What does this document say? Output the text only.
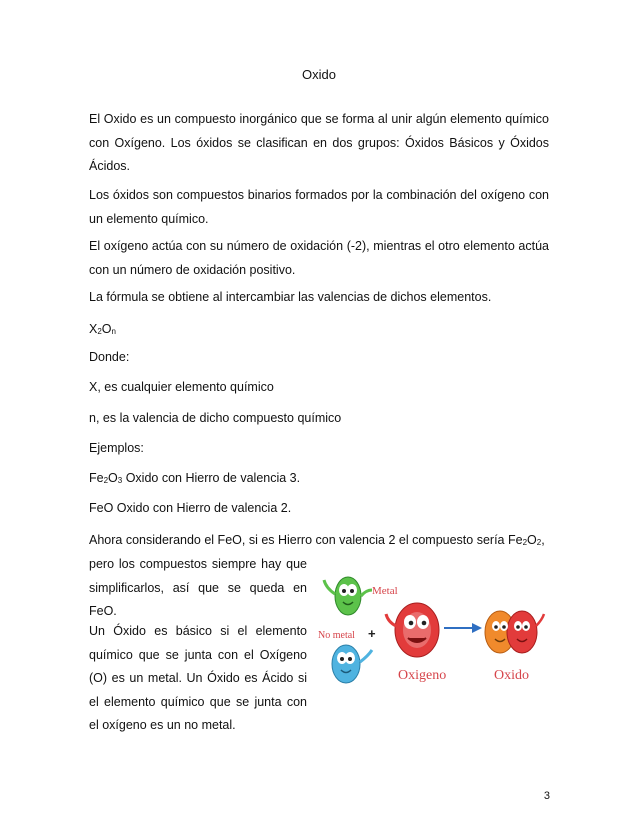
Oxido

El Oxido es un compuesto inorgánico que se forma al unir algún elemento químico con Oxígeno. Los óxidos se clasifican en dos grupos: Óxidos Básicos y Óxidos Ácidos.

Los óxidos son compuestos binarios formados por la combinación del oxígeno con un elemento químico.

El oxígeno actúa con su número de oxidación (-2), mientras el otro elemento actúa con un número de oxidación positivo.

La fórmula se obtiene al intercambiar las valencias de dichos elementos.

$X_2O_n$

Donde:

X, es cualquier elemento químico

n, es la valencia de dicho compuesto químico

Ejemplos:

$Fe_2O_3$ Oxido con Hierro de valencia 3.

FeO Oxido con Hierro de valencia 2.

Ahora considerando el FeO, si es Hierro con valencia 2 el compuesto sería $Fe_2O_2$,

pero los compuestos siempre hay que simplificarlos, así que se queda en FeO.

Un Óxido es básico si el elemento químico que se junta con el Oxígeno (O) es un metal. Un Óxido es Ácido si el elemento químico que se junta con el oxígeno es un no metal.

Metal
No metal +
Oxigeno	Oxido
3
